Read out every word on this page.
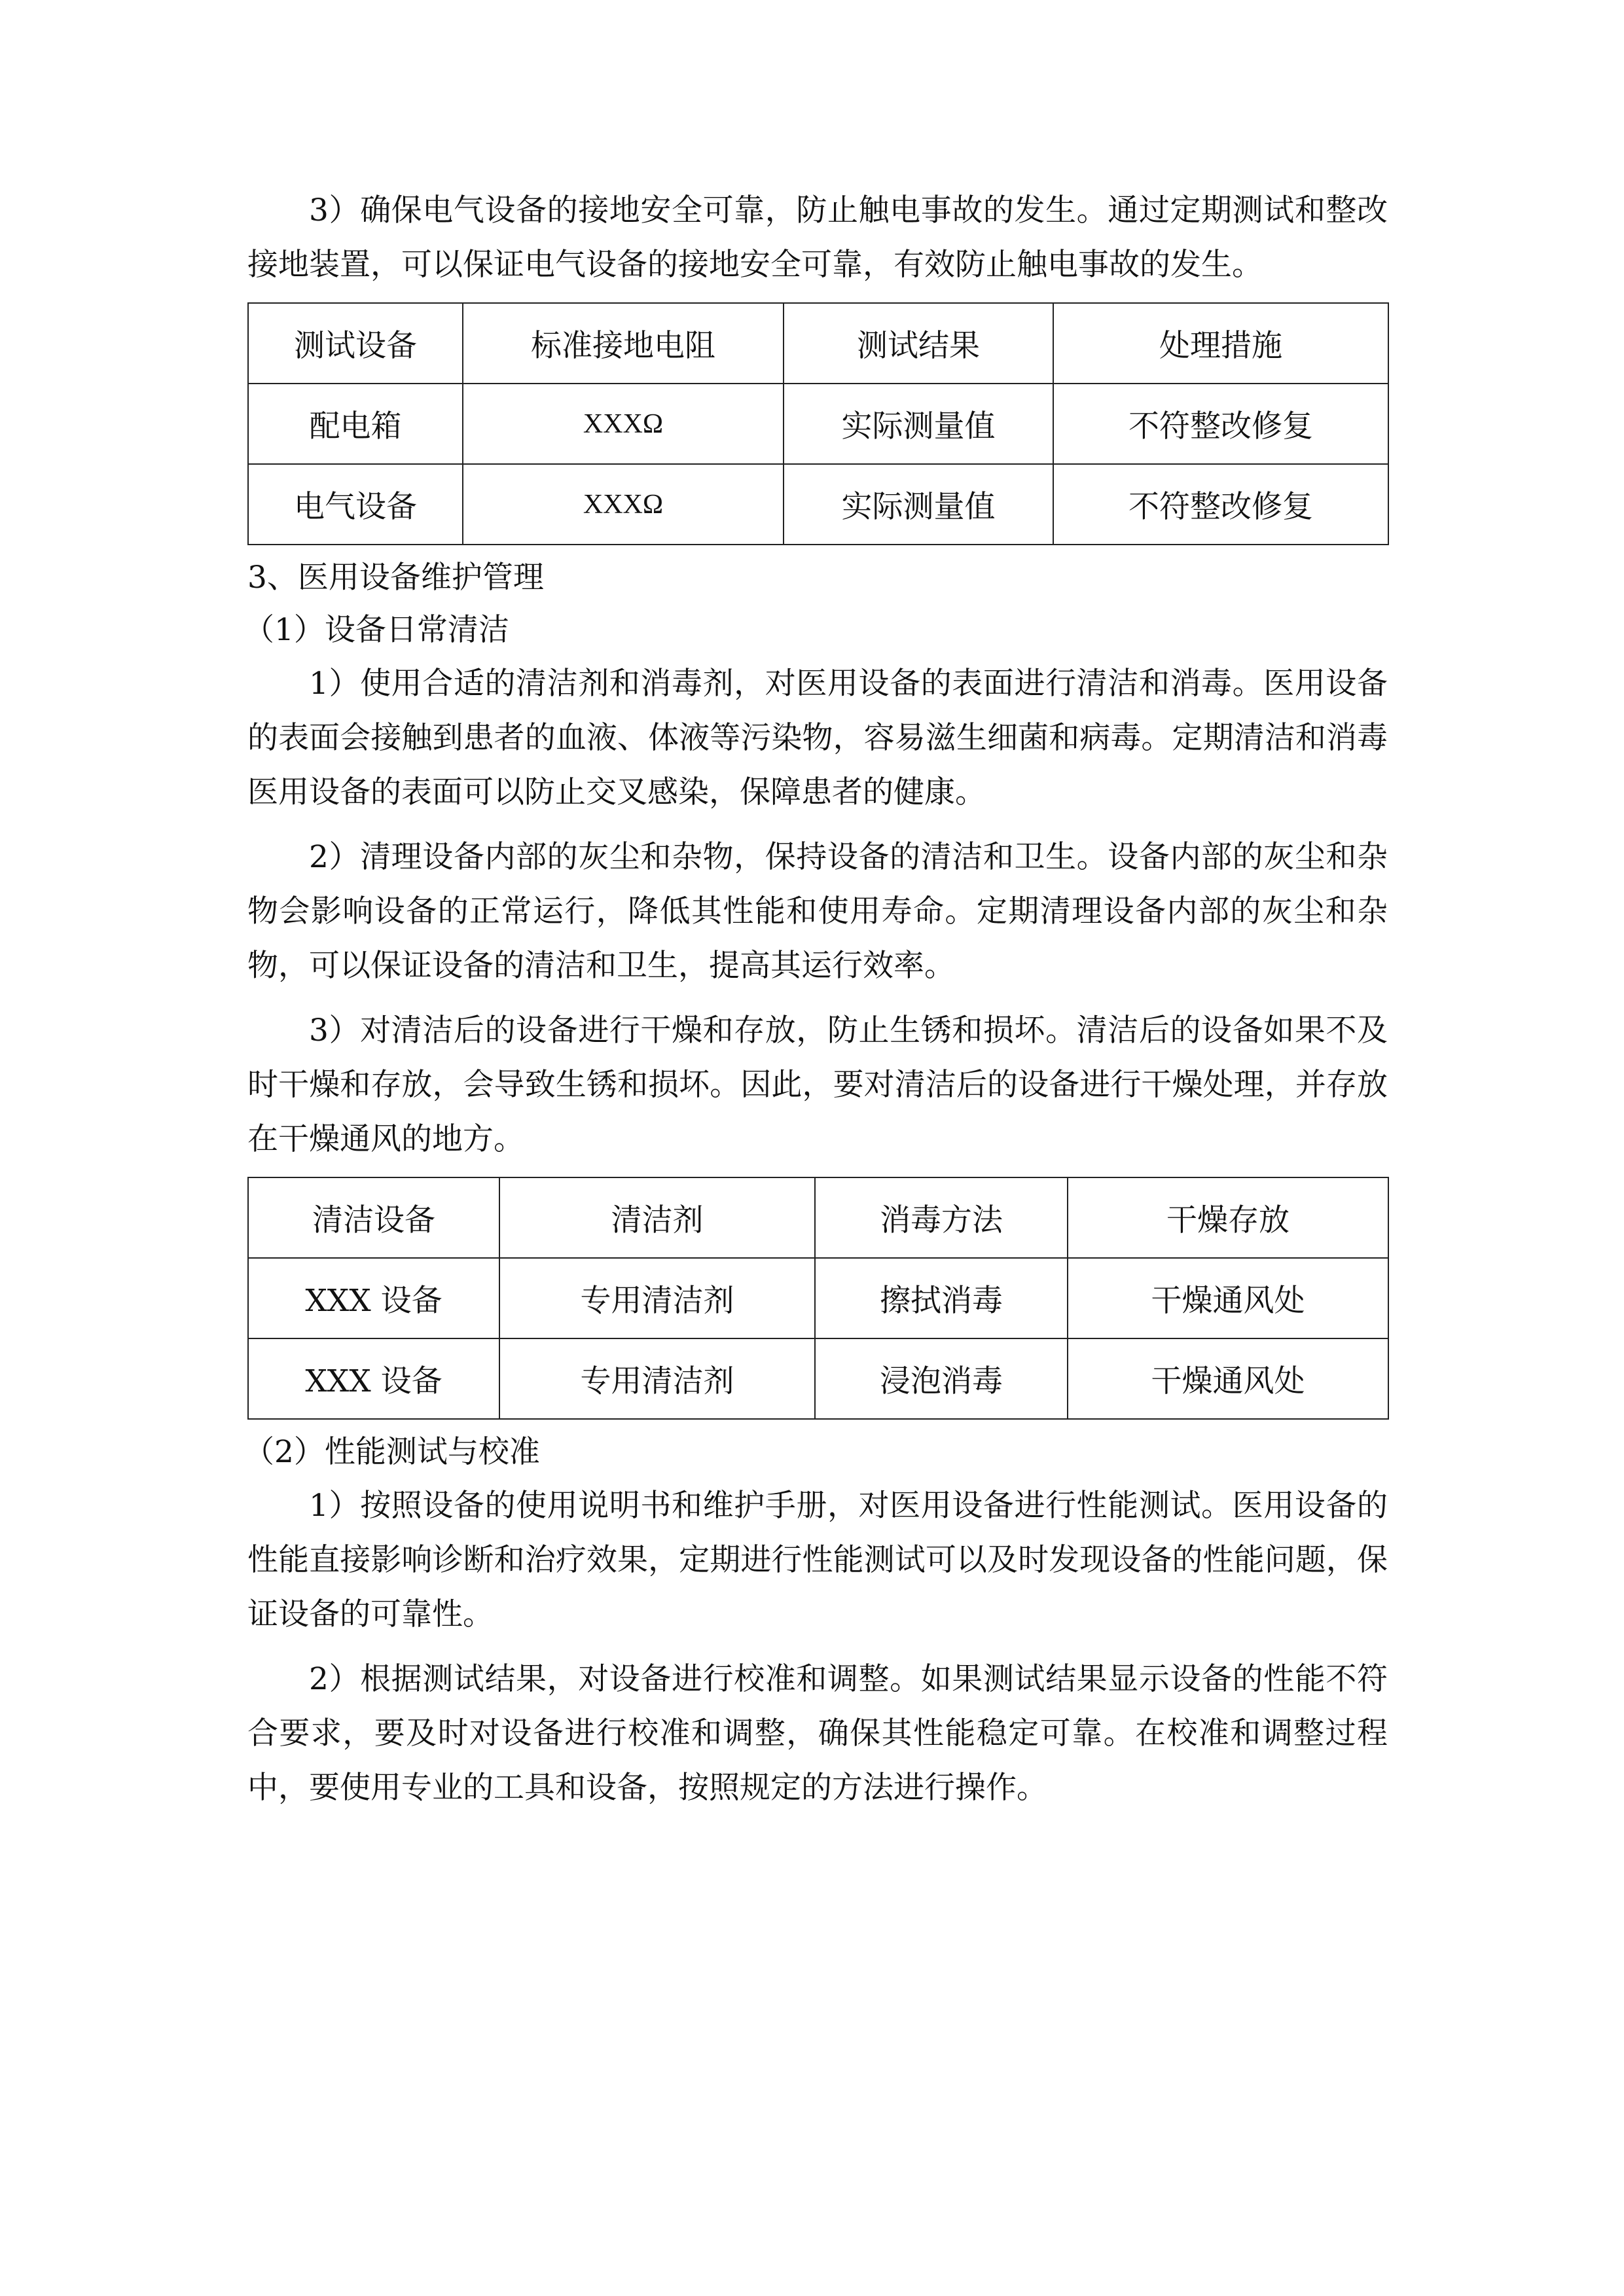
3）确保电气设备的接地安全可靠，防止触电事故的发生。通过定期测试和整改接地装置，可以保证电气设备的接地安全可靠，有效防止触电事故的发生。

测试设备	标准接地电阻	测试结果	处理措施
配电箱	XXXΩ	实际测量值	不符整改修复
电气设备	XXXΩ	实际测量值	不符整改修复

3、医用设备维护管理

（1）设备日常清洁

1）使用合适的清洁剂和消毒剂，对医用设备的表面进行清洁和消毒。医用设备的表面会接触到患者的血液、体液等污染物，容易滋生细菌和病毒。定期清洁和消毒医用设备的表面可以防止交叉感染，保障患者的健康。

2）清理设备内部的灰尘和杂物，保持设备的清洁和卫生。设备内部的灰尘和杂物会影响设备的正常运行，降低其性能和使用寿命。定期清理设备内部的灰尘和杂物，可以保证设备的清洁和卫生，提高其运行效率。

3）对清洁后的设备进行干燥和存放，防止生锈和损坏。清洁后的设备如果不及时干燥和存放，会导致生锈和损坏。因此，要对清洁后的设备进行干燥处理，并存放在干燥通风的地方。

清洁设备	清洁剂	消毒方法	干燥存放
XXX 设备	专用清洁剂	擦拭消毒	干燥通风处
XXX 设备	专用清洁剂	浸泡消毒	干燥通风处

（2）性能测试与校准

1）按照设备的使用说明书和维护手册，对医用设备进行性能测试。医用设备的性能直接影响诊断和治疗效果，定期进行性能测试可以及时发现设备的性能问题，保证设备的可靠性。

2）根据测试结果，对设备进行校准和调整。如果测试结果显示设备的性能不符合要求，要及时对设备进行校准和调整，确保其性能稳定可靠。在校准和调整过程中，要使用专业的工具和设备，按照规定的方法进行操作。
